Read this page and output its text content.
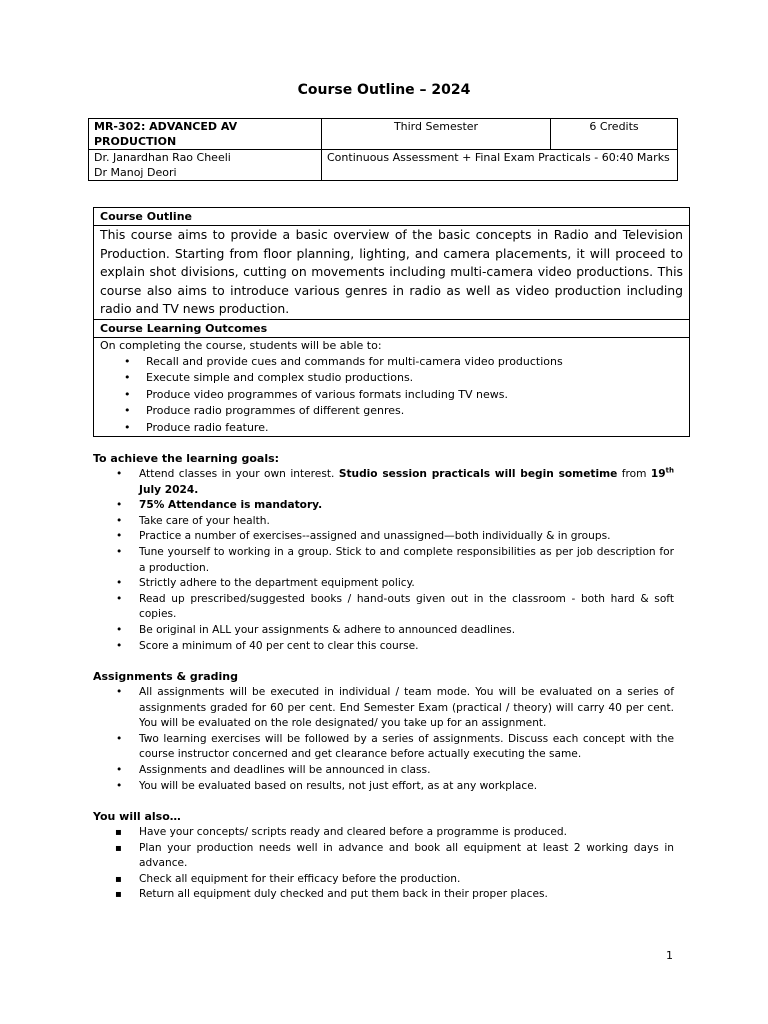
Course Outline – 2024
MR-302: ADVANCED AV PRODUCTION	Third Semester	6 Credits

Dr. Janardhan Rao Cheeli
Dr Manoj Deori	Continuous Assessment + Final Exam Practicals - 60:40 Marks	
Course Outline
This course aims to provide a basic overview of the basic concepts in Radio and Television Production. Starting from floor planning, lighting, and camera placements, it will proceed to explain shot divisions, cutting on movements including multi-camera video productions. This course also aims to introduce various genres in radio as well as video production including radio and TV news production.
Course Learning Outcomes
On completing the course, students will be able to:
• Recall and provide cues and commands for multi-camera video productions
• Execute simple and complex studio productions.
• Produce video programmes of various formats including TV news.
• Produce radio programmes of different genres.
• Produce radio feature.
To achieve the learning goals:
• Attend classes in your own interest. Studio session practicals will begin sometime from 19th July 2024.
• 75% Attendance is mandatory.
• Take care of your health.
• Practice a number of exercises--assigned and unassigned—both individually & in groups.
• Tune yourself to working in a group. Stick to and complete responsibilities as per job description for a production.
• Strictly adhere to the department equipment policy.
• Read up prescribed/suggested books / hand-outs given out in the classroom - both hard & soft copies.
• Be original in ALL your assignments & adhere to announced deadlines.
• Score a minimum of 40 per cent to clear this course.
Assignments & grading
• All assignments will be executed in individual / team mode. You will be evaluated on a series of assignments graded for 60 per cent. End Semester Exam (practical / theory) will carry 40 per cent. You will be evaluated on the role designated/ you take up for an assignment.
• Two learning exercises will be followed by a series of assignments. Discuss each concept with the course instructor concerned and get clearance before actually executing the same.
• Assignments and deadlines will be announced in class.
• You will be evaluated based on results, not just effort, as at any workplace.
You will also…
▪ Have your concepts/ scripts ready and cleared before a programme is produced.
▪ Plan your production needs well in advance and book all equipment at least 2 working days in advance.
▪ Check all equipment for their efficacy before the production.
▪ Return all equipment duly checked and put them back in their proper places.
1
